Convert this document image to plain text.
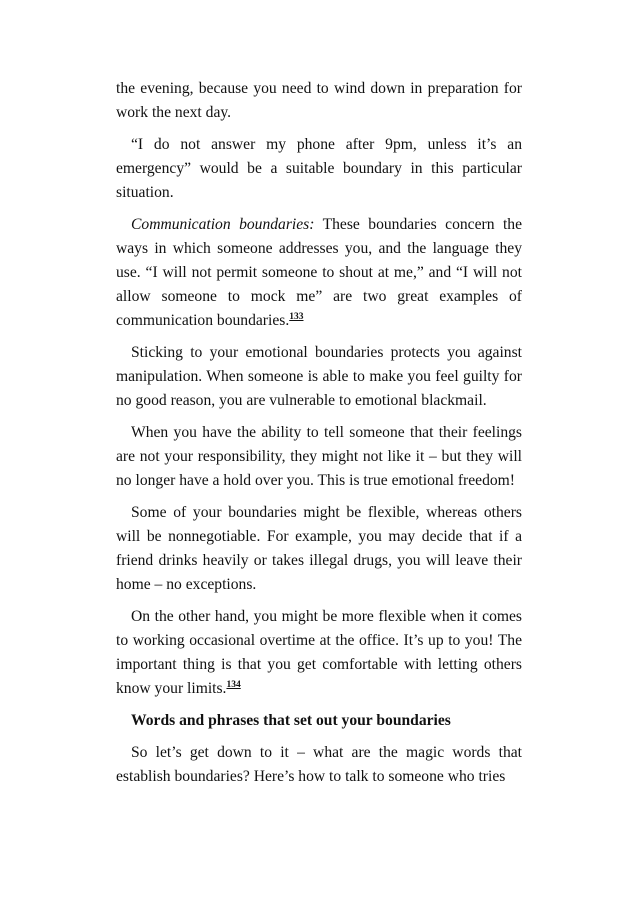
the evening, because you need to wind down in preparation for work the next day.

“I do not answer my phone after 9pm, unless it’s an emergency” would be a suitable boundary in this particular situation.

Communication boundaries: These boundaries concern the ways in which someone addresses you, and the language they use. “I will not permit someone to shout at me,” and “I will not allow someone to mock me” are two great examples of communication boundaries.$^{133}$

Sticking to your emotional boundaries protects you against manipulation. When someone is able to make you feel guilty for no good reason, you are vulnerable to emotional blackmail.

When you have the ability to tell someone that their feelings are not your responsibility, they might not like it – but they will no longer have a hold over you. This is true emotional freedom!

Some of your boundaries might be flexible, whereas others will be nonnegotiable. For example, you may decide that if a friend drinks heavily or takes illegal drugs, you will leave their home – no exceptions.

On the other hand, you might be more flexible when it comes to working occasional overtime at the office. It’s up to you! The important thing is that you get comfortable with letting others know your limits.$^{134}$

Words and phrases that set out your boundaries

So let’s get down to it – what are the magic words that establish boundaries? Here’s how to talk to someone who tries
